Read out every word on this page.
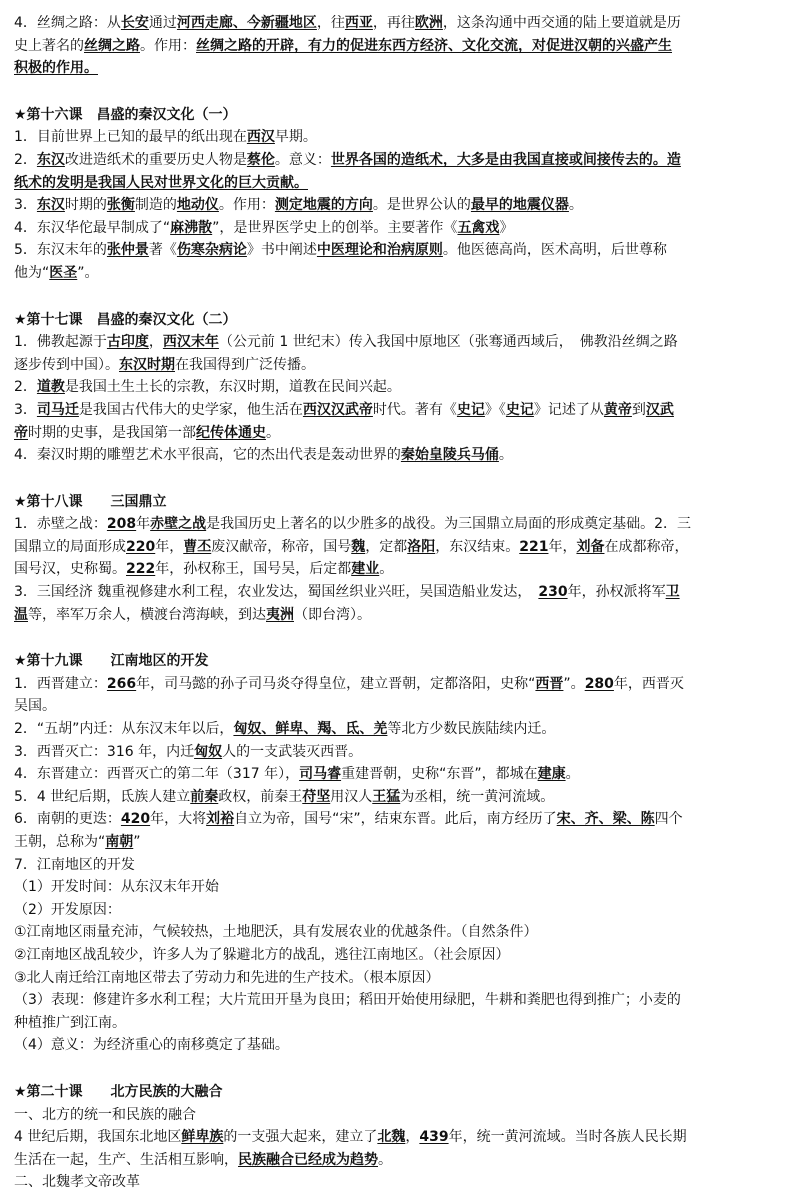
4．丝绸之路：从长安通过河西走廊、今新疆地区，往西亚，再往欧洲，这条沟通中西交通的陆上要道就是历
史上著名的丝绸之路。作用：丝绸之路的开辟，有力的促进东西方经济、文化交流，对促进汉朝的兴盛产生
积极的作用。
★第十六课　昌盛的秦汉文化（一）
1．目前世界上已知的最早的纸出现在西汉早期。
2．东汉改进造纸术的重要历史人物是蔡伦。意义：世界各国的造纸术，大多是由我国直接或间接传去的。造
纸术的发明是我国人民对世界文化的巨大贡献。
3．东汉时期的张衡制造的地动仪。作用：测定地震的方向。是世界公认的最早的地震仪器。
4．东汉华佗最早制成了“麻沸散”，是世界医学史上的创举。主要著作《五禽戏》
5．东汉末年的张仲景著《伤寒杂病论》书中阐述中医理论和治病原则。他医德高尚，医术高明，后世尊称
他为“医圣”。
★第十七课　昌盛的秦汉文化（二）
1．佛教起源于古印度，西汉末年（公元前 1 世纪末）传入我国中原地区（张骞通西域后，　佛教沿丝绸之路
逐步传到中国）。东汉时期在我国得到广泛传播。
2．道教是我国土生土长的宗教，东汉时期，道教在民间兴起。
3．司马迁是我国古代伟大的史学家，他生活在西汉汉武帝时代。著有《史记》《史记》记述了从黄帝到汉武
帝时期的史事，是我国第一部纪传体通史。
4．秦汉时期的雕塑艺术水平很高，它的杰出代表是轰动世界的秦始皇陵兵马俑。
★第十八课　　三国鼎立
1．赤壁之战：208年赤壁之战是我国历史上著名的以少胜多的战役。为三国鼎立局面的形成奠定基础。2．三
国鼎立的局面形成220年，曹丕废汉献帝，称帝，国号魏，定都洛阳，东汉结束。221年，刘备在成都称帝，
国号汉，史称蜀。222年，孙权称王，国号吴，后定都建业。
3．三国经济 魏重视修建水利工程，农业发达，蜀国丝织业兴旺，吴国造船业发达，　230年，孙权派将军卫
温等，率军万余人，横渡台湾海峡，到达夷洲（即台湾）。
★第十九课　　江南地区的开发
1．西晋建立：266年，司马懿的孙子司马炎夺得皇位，建立晋朝，定都洛阳，史称“西晋”。280年，西晋灭
吴国。
2．“五胡”内迁：从东汉末年以后，匈奴、鲜卑、羯、氐、羌等北方少数民族陆续内迁。
3．西晋灭亡：316 年，内迁匈奴人的一支武装灭西晋。
4．东晋建立：西晋灭亡的第二年（317 年），司马睿重建晋朝，史称“东晋”，都城在建康。
5．4 世纪后期，氐族人建立前秦政权，前秦王苻坚用汉人王猛为丞相，统一黄河流域。
6．南朝的更迭：420年，大将刘裕自立为帝，国号“宋”，结束东晋。此后，南方经历了宋、齐、梁、陈四个
王朝，总称为“南朝”
7．江南地区的开发
（1）开发时间：从东汉末年开始
（2）开发原因：
①江南地区雨量充沛，气候较热，土地肥沃，具有发展农业的优越条件。（自然条件）
②江南地区战乱较少，许多人为了躲避北方的战乱，逃往江南地区。（社会原因）
③北人南迁给江南地区带去了劳动力和先进的生产技术。（根本原因）
（3）表现：修建许多水利工程；大片荒田开垦为良田；稻田开始使用绿肥，牛耕和粪肥也得到推广；小麦的
种植推广到江南。
（4）意义：为经济重心的南移奠定了基础。
★第二十课　　北方民族的大融合
一、北方的统一和民族的融合
4 世纪后期，我国东北地区鲜卑族的一支强大起来，建立了北魏，439年，统一黄河流域。当时各族人民长期
生活在一起，生产、生活相互影响，民族融合已经成为趋势。
二、北魏孝文帝改革
